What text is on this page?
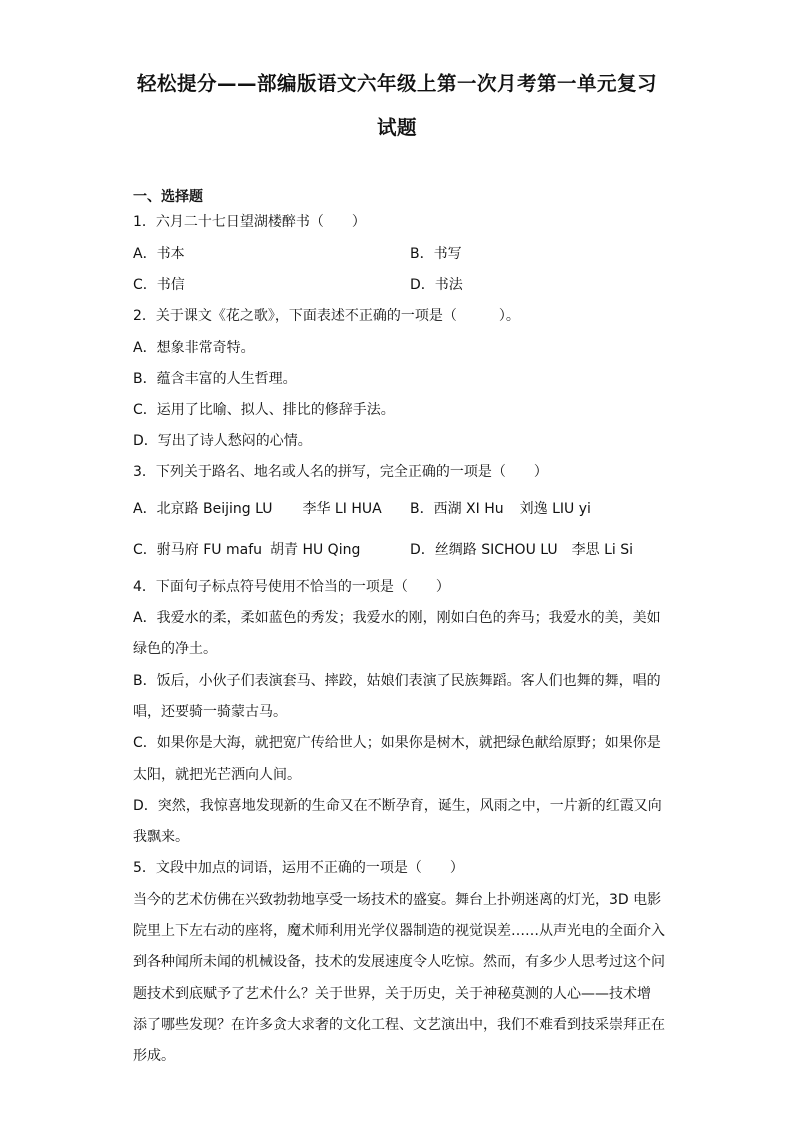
轻松提分——部编版语文六年级上第一次月考第一单元复习
试题
一、选择题
1．六月二十七日望湖楼醉书（　　）
A．书本	B．书写
C．书信	D．书法
2．关于课文《花之歌》，下面表述不正确的一项是（　　　）。
A．想象非常奇特。
B．蕴含丰富的人生哲理。
C．运用了比喻、拟人、排比的修辞手法。
D．写出了诗人愁闷的心情。
3．下列关于路名、地名或人名的拼写，完全正确的一项是（　　）
A．北京路 Beijing LU 李华 LI HUA B．西湖 XI Hu 刘逸 LIU yi
C．驸马府 FU mafu 胡青 HU Qing	D．丝绸路 SICHOU LU 李思 Li Si
4．下面句子标点符号使用不恰当的一项是（　　）
A．我爱水的柔，柔如蓝色的秀发；我爱水的刚，刚如白色的奔马；我爱水的美，美如
绿色的净土。
B．饭后，小伙子们表演套马、摔跤，姑娘们表演了民族舞蹈。客人们也舞的舞，唱的
唱，还要骑一骑蒙古马。
C．如果你是大海，就把宽广传给世人；如果你是树木，就把绿色献给原野；如果你是
太阳，就把光芒洒向人间。
D．突然，我惊喜地发现新的生命又在不断孕育，诞生，风雨之中，一片新的红霞又向
我飘来。
5．文段中加点的词语，运用不正确的一项是（　　）
当今的艺术仿佛在兴致勃勃地享受一场技术的盛宴。舞台上扑朔迷离的灯光，3D 电影
院里上下左右动的座将，魔术师利用光学仪器制造的视觉误差……从声光电的全面介入
到各种闻所未闻的机械设备，技术的发展速度令人吃惊。然而，有多少人思考过这个问
题技术到底赋予了艺术什么？关于世界，关于历史，关于神秘莫测的人心——技术增
添了哪些发现？在许多贪大求奢的文化工程、文艺演出中，我们不难看到技采崇拜正在
形成。
